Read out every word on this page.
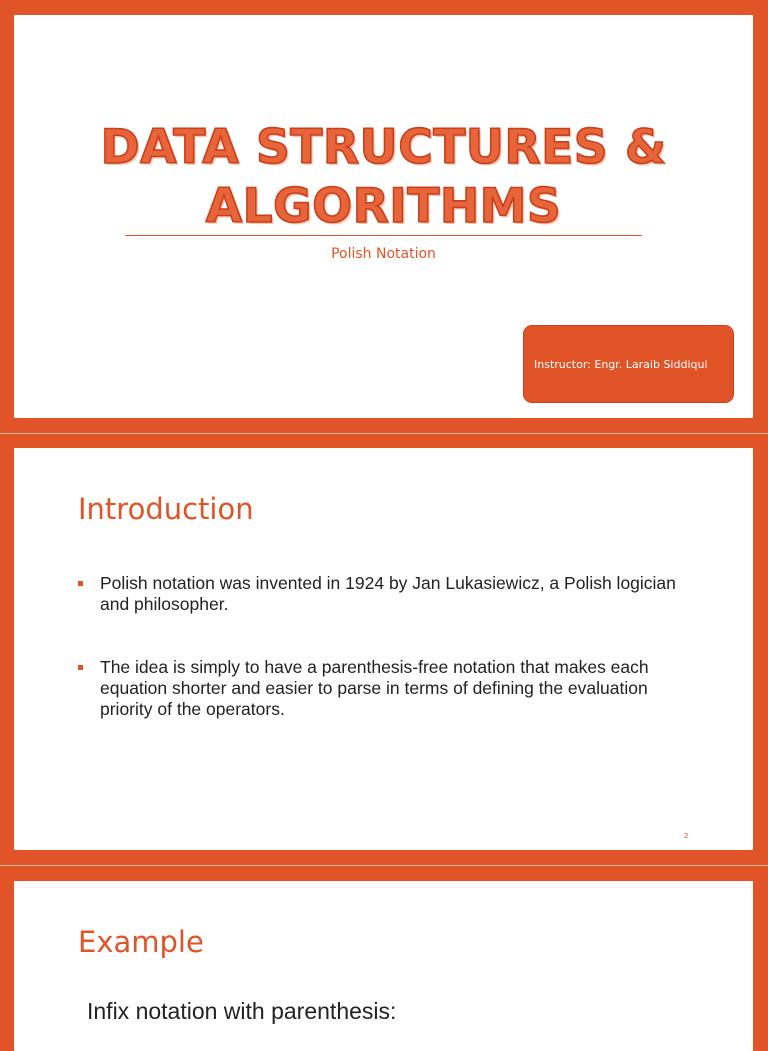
DATA STRUCTURES &
ALGORITHMS
Polish Notation
Instructor: Engr. Laraib Siddiqui
Introduction
Polish notation was invented in 1924 by Jan Lukasiewicz, a Polish logician and philosopher.
The idea is simply to have a parenthesis-free notation that makes each equation shorter and easier to parse in terms of defining the evaluation priority of the operators.
2
Example
Infix notation with parenthesis:
